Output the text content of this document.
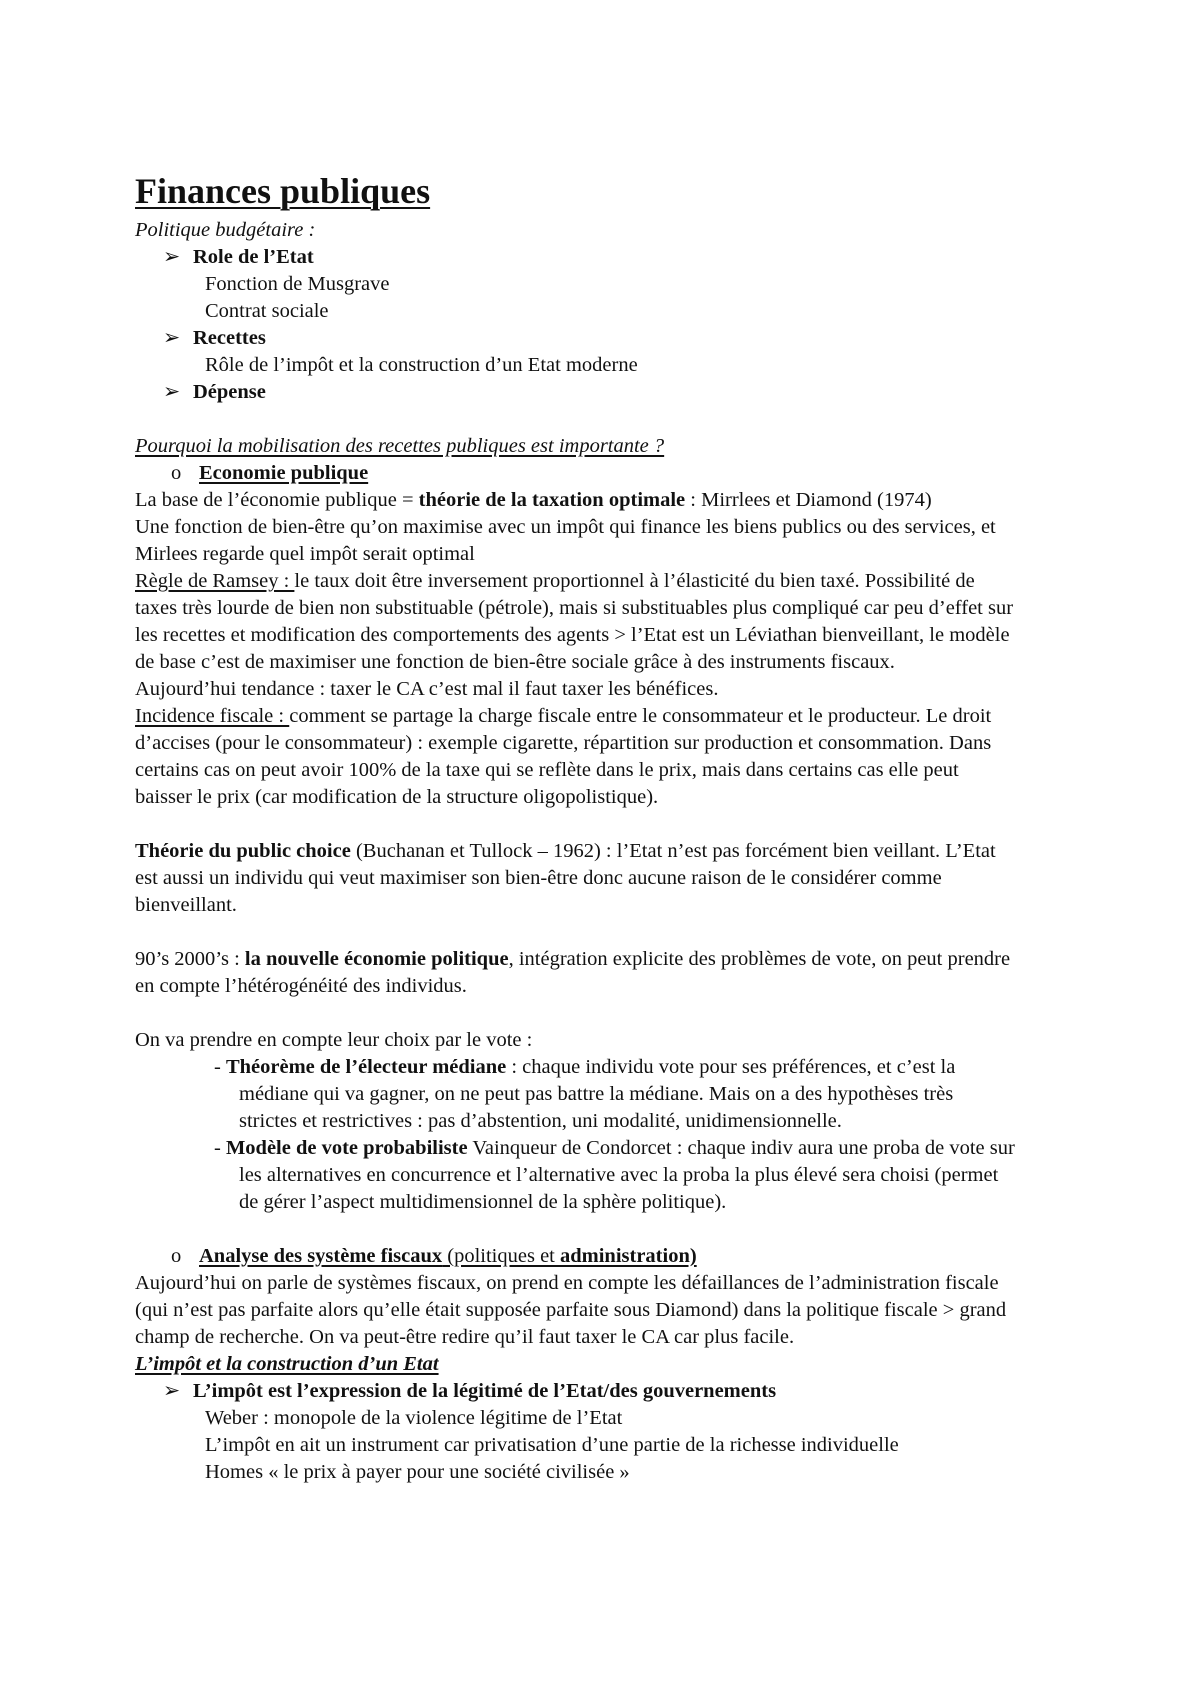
Finances publiques

Politique budgétaire :

➢ Role de l’Etat

Fonction de Musgrave

Contrat sociale

➢ Recettes

Rôle de l’impôt et la construction d’un Etat moderne

➢ Dépense

Pourquoi la mobilisation des recettes publiques est importante ?

o Economie publique

La base de l’économie publique = théorie de la taxation optimale : Mirrlees et Diamond (1974)

Une fonction de bien-être qu’on maximise avec un impôt qui finance les biens publics ou des services, et Mirlees regarde quel impôt serait optimal

Règle de Ramsey : le taux doit être inversement proportionnel à l’élasticité du bien taxé. Possibilité de taxes très lourde de bien non substituable (pétrole), mais si substituables plus compliqué car peu d’effet sur les recettes et modification des comportements des agents > l’Etat est un Léviathan bienveillant, le modèle de base c’est de maximiser une fonction de bien-être sociale grâce à des instruments fiscaux.

Aujourd’hui tendance : taxer le CA c’est mal il faut taxer les bénéfices.

Incidence fiscale : comment se partage la charge fiscale entre le consommateur et le producteur. Le droit d’accises (pour le consommateur) : exemple cigarette, répartition sur production et consommation. Dans certains cas on peut avoir 100% de la taxe qui se reflète dans le prix, mais dans certains cas elle peut baisser le prix (car modification de la structure oligopolistique).

Théorie du public choice (Buchanan et Tullock – 1962) : l’Etat n’est pas forcément bien veillant. L’Etat est aussi un individu qui veut maximiser son bien-être donc aucune raison de le considérer comme bienveillant.

90’s 2000’s : la nouvelle économie politique, intégration explicite des problèmes de vote, on peut prendre en compte l’hétérogénéité des individus.

On va prendre en compte leur choix par le vote :

- Théorème de l’électeur médiane : chaque individu vote pour ses préférences, et c’est la médiane qui va gagner, on ne peut pas battre la médiane. Mais on a des hypothèses très strictes et restrictives : pas d’abstention, uni modalité, unidimensionnelle.
- Modèle de vote probabiliste Vainqueur de Condorcet : chaque indiv aura une proba de vote sur les alternatives en concurrence et l’alternative avec la proba la plus élevé sera choisi (permet de gérer l’aspect multidimensionnel de la sphère politique).
o Analyse des système fiscaux (politiques et administration)

Aujourd’hui on parle de systèmes fiscaux, on prend en compte les défaillances de l’administration fiscale (qui n’est pas parfaite alors qu’elle était supposée parfaite sous Diamond) dans la politique fiscale > grand champ de recherche. On va peut-être redire qu’il faut taxer le CA car plus facile.

L’impôt et la construction d’un Etat

➢ L’impôt est l’expression de la légitimé de l’Etat/des gouvernements

Weber : monopole de la violence légitime de l’Etat

L’impôt en ait un instrument car privatisation d’une partie de la richesse individuelle

Homes « le prix à payer pour une société civilisée »
